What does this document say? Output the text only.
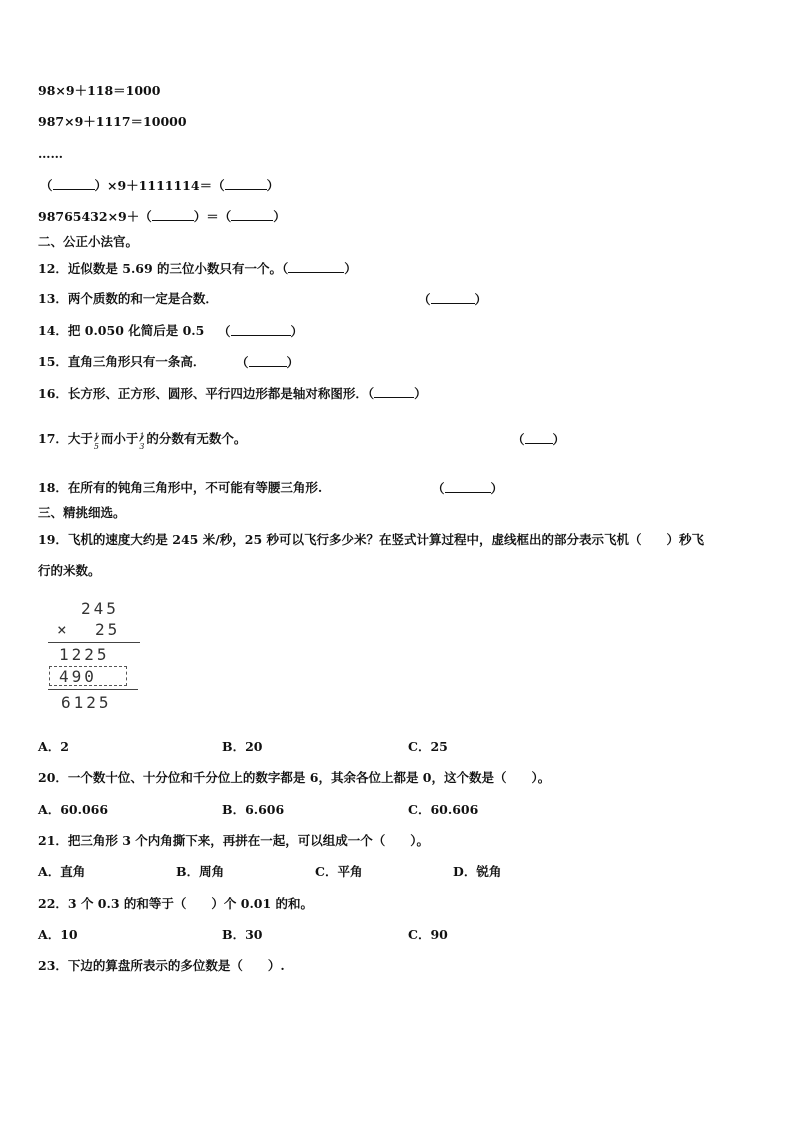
98×9＋118＝1000
987×9＋1117＝10000
……
（	）×9＋1111114＝（	）
98765432×9＋（	）＝（	）
二、公正小法官。
12．近似数是 5.69 的三位小数只有一个。（	）
13．两个质数的和一定是合数．	（	）
14．把 0.050 化简后是 0.5 （	）
15．直角三角形只有一条高． （	）
16．长方形、正方形、圆形、平行四边形都是轴对称图形．（	）
17．大于 1
5 而小于 1
3 的分数有无数个。	（ ）
18．在所有的钝角三角形中，不可能有等腰三角形.	（	）
三、精挑细选。
19．飞机的速度大约是 245 米/秒，25 秒可以飞行多少米？在竖式计算过程中，虚线框出的部分表示飞机（　　）秒飞
行的米数。
245
× 25
1225
490
6125
A．2	B．20	C．25
20．一个数十位、十分位和千分位上的数字都是 6，其余各位上都是 0，这个数是（　　）。
A．60.066	B．6.606	C．60.606
21．把三角形 3 个内角撕下来，再拼在一起，可以组成一个（　　）。
A．直角	B．周角	C．平角	D．锐角
22．3 个 0.3 的和等于（　　）个 0.01 的和。
A．10	B．30	C．90
23．下边的算盘所表示的多位数是（　　）.
